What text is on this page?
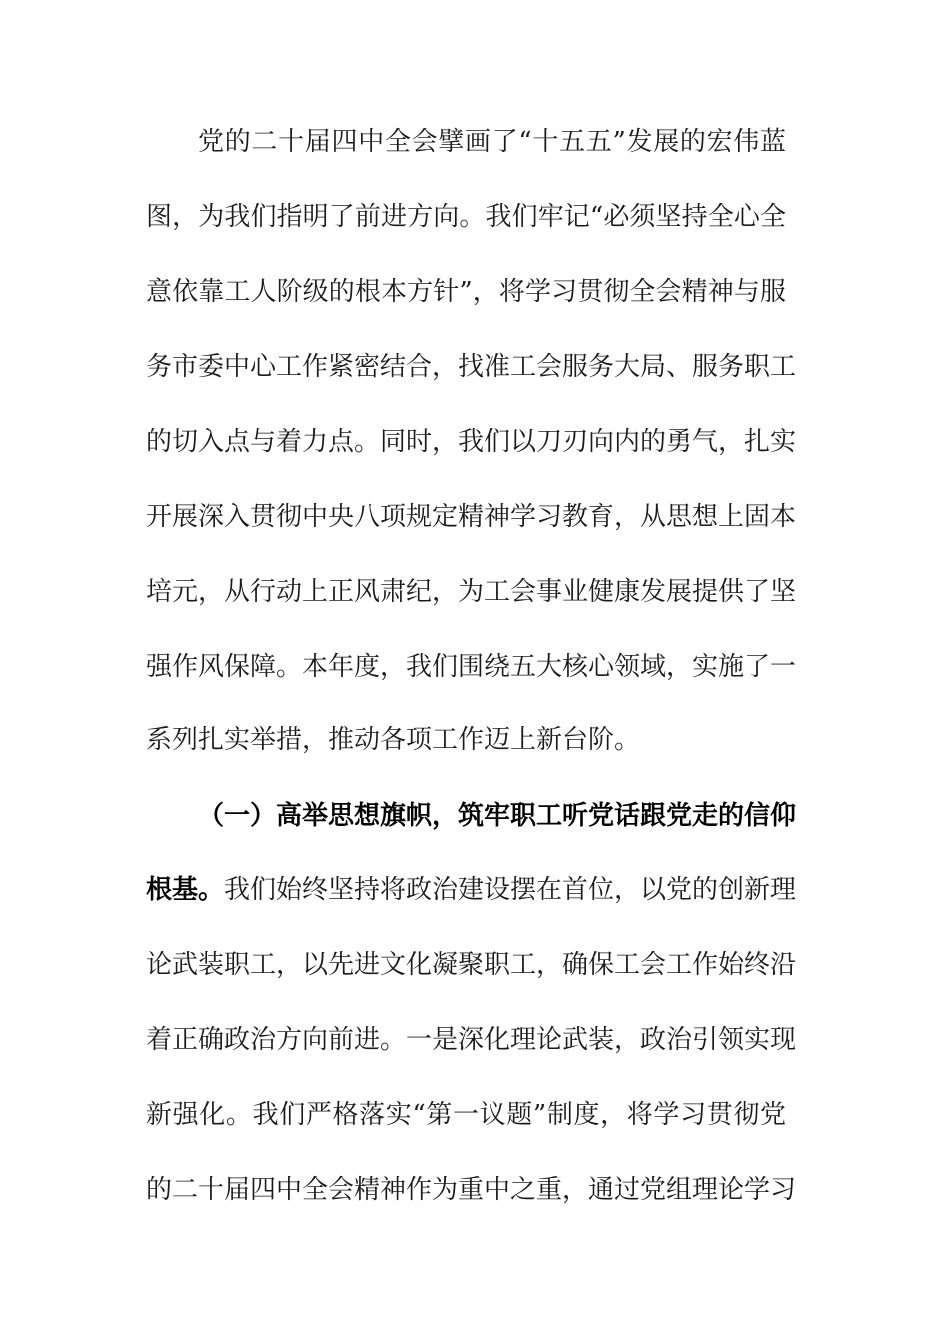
党的二十届四中全会擘画了“十五五”发展的宏伟蓝
图，为我们指明了前进方向。我们牢记“必须坚持全心全
意依靠工人阶级的根本方针”，将学习贯彻全会精神与服
务市委中心工作紧密结合，找准工会服务大局、服务职工
的切入点与着力点。同时，我们以刀刃向内的勇气，扎实
开展深入贯彻中央八项规定精神学习教育，从思想上固本
培元，从行动上正风肃纪，为工会事业健康发展提供了坚
强作风保障。本年度，我们围绕五大核心领域，实施了一
系列扎实举措，推动各项工作迈上新台阶。
（一）高举思想旗帜，筑牢职工听党话跟党走的信仰
根基。我们始终坚持将政治建设摆在首位，以党的创新理
论武装职工，以先进文化凝聚职工，确保工会工作始终沿
着正确政治方向前进。一是深化理论武装，政治引领实现
新强化。我们严格落实“第一议题”制度，将学习贯彻党
的二十届四中全会精神作为重中之重，通过党组理论学习
